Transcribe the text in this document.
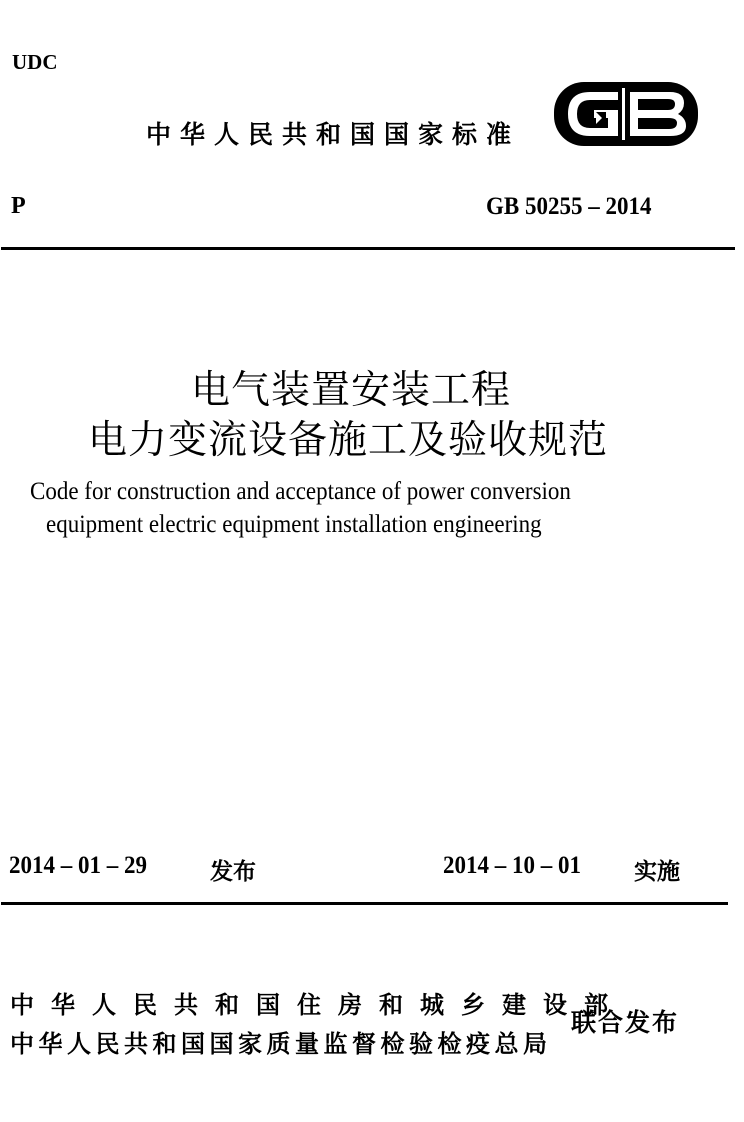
UDC
中华人民共和国国家标准
P	GB 50255 – 2014
电气装置安装工程
电力变流设备施工及验收规范
Code for construction and acceptance of power conversion
equipment electric equipment installation engineering
2014 – 01 – 29	发布	2014 – 10 – 01 实施
中华人民共和国住房和城乡建设部
中华人民共和国国家质量监督检验检疫总局
联合发布
